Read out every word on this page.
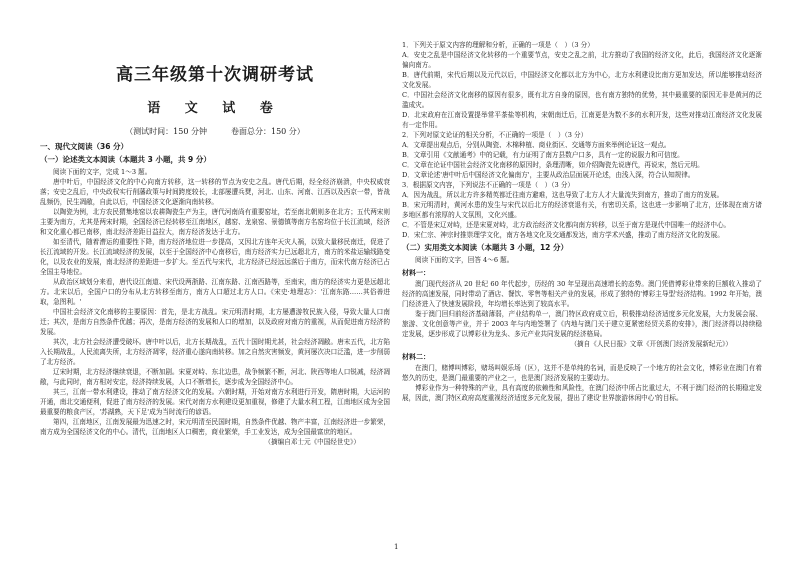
高三年级第十次调研考试
语 文 试 卷
（测试时间：150 分钟　　　卷面总分：150 分）
一、现代文阅读（36 分）
（一）论述类文本阅读（本题共 3 小题，共 9 分）

阅读下面的文字，完成 1～3 题。

唐中叶后，中国经济文化的中心向南方转移，这一转移的节点为安史之乱。唐代后期，经全经济崩溃，中央权威衰落；安史之乱后，中央政权实行削藩政策与时间跨度较长，北部屡遭兵燹，河北、山东、河南、江西以及西京一带，皆战乱频仍，民生凋敝，自此以后，中国经济文化逐渐向南转移。

以陶瓷为例，北方农民猬集地窑以农耕陶瓷生产为主，唐代河南尚有重要窑址，若至南北朝则多在北方；五代两宋则主要为南方，尤其是两宋时期，全国经济已经转移至江南地区，越窑、龙泉窑、景德镇等南方名窑均位于长江流域，经济和文化重心都已南移，南北经济差距日益拉大，南方经济发达于北方。

如至清代，随着漕运的重要性下降，南方经济地位进一步提高，又因北方连年天灾人祸，以致大量移民南迁，促进了长江流域的开发。长江流域经济的发展，以至于全国经济中心南移后，南方经济实力已远超北方，南方的米盐运输线路变化，以及农业的发展，南北经济的差距进一步扩大。至五代与宋代，北方经济已经远远落后于南方，而宋代南方经济已占全国主导地位。

从政治区域划分来看，唐代设江南道、宋代设两浙路、江南东路、江南西路等，至南宋，南方的经济实力更是远超北方。北宋以后，全国户口的分布从北方转移至南方，南方人口超过北方人口。《宋史·地理志》：'江南东路……其俗善进取，急图利。'

中国社会经济文化南移的主要原因：首先，是北方战乱。宋元明清时期，北方屡遭游牧民族入侵，导致大量人口南迁；其次，是南方自然条件优越；再次，是南方经济的发展和人口的增加，以及政府对南方的重视，从而促进南方经济的发展。

其次，北方社会经济遭受破坏。唐中叶以后，北方长期战乱，五代十国时期尤甚，社会经济凋敝。唐末五代，北方陷入长期战乱，人民流离失所，北方经济凋零，经济重心遂向南转移。加之自然灾害频发，黄河屡次决口泛滥，进一步削弱了北方经济。

辽宋时期，北方经济继续衰退，不断加剧。宋夏对峙、东北边患，战争频繁不断，河北、陕西等地人口锐减，经济凋敝，与此同时，南方相对安定，经济持续发展，人口不断增长，逐步成为全国经济中心。

其三，江南一带水利建设，推动了南方经济文化的发展。六朝时期，开始对南方水利进行开发，隋唐时期，大运河的开通，南北交通便利，促进了南方经济的发展。宋代对南方水利建设更加重视，修建了大量水利工程，江南地区成为全国最重要的粮食产区，'苏湖熟，天下足'成为当时流行的谚语。

第四，江南地区，江南发展最为迅速之时，宋元明清至民国时期，自然条件优越、物产丰富，江南经济进一步繁荣，南方成为全国经济文化的中心。清代，江南地区人口稠密，商业繁荣，手工业发达，成为全国最富庶的地区。

（摘编自邓士元《中国经世史》）
1．下列关于原文内容的理解和分析，正确的一项是（　）（3 分）
A．安史之乱是中国经济文化转移的一个重要节点，安史之乱之前，北方推动了我国的经济文化，此后，我国经济文化逐渐偏向南方。
B．唐代前期，宋代后期以及元代以后，中国经济文化都以北方为中心，北方水利建设比南方更加发达，所以能够推动经济文化发展。
C．中国社会经济文化南移的原因有很多，既有北方自身的原因，也有南方独特的优势，其中最重要的原因无非是黄河的泛滥成灾。
D．北宋政府在江南设置提举常平茶盐等机构，宋朝南迁后，江南更是为数不多的水利开发，这些对推动江南经济文化发展有一定作用。
2．下列对原文论证的相关分析，不正确的一项是（　）（3 分）
A．文章提出观点后，分别从陶瓷、木棉种植、商业街区、交通等方面来举例论证这一观点。
B．文章引用《文献通考》中的记载，有力证明了南方县数户口多，具有一定的说服力和可信度。
C．文章在论证中国社会经济文化南移的原因时，条理清晰，如介绍陶瓷先说唐代，再说宋，然后元明。
D．文章论述'唐中叶后中国经济文化偏南方'，主要从政治层面展开论述，由浅入深，符合认知规律。
3．根据原文内容，下列说法不正确的一项是（　）（3 分）
A．因为战乱，所以北方许多精英都迁往南方避难，这也导致了北方人才大量流失到南方，推动了南方的发展。
B．宋元明清时，黄河水患的发生与宋代以后北方的经济衰退有关，有密切关系，这也进一步影响了北方，还体现在南方诸多地区都有浓厚的人文氛围，文化兴盛。
C．不管是宋辽对峙，还是宋夏对峙，北方政治经济文化都向南方转移，以至于南方是现代中国唯一的经济中心。
D．宋仁宗、神宗时推崇理学文化，南方各地文化及交通都发达，南方学术兴盛，推动了南方经济文化的发展。
（二）实用类文本阅读（本题共 3 小题，12 分）

阅读下面的文字，回答 4～6 题。

材料一：

澳门现代经济从 20 世纪 60 年代起步，历经的 30 年呈现出高速增长的态势。澳门凭借博彩业带来的巨额收入推动了经济的高速发展，同时带动了酒店、餐饮、零售等相关产业的发展，形成了独特的'博彩主导型'经济结构。1992 年开始，澳门经济进入了快速发展阶段，年均增长率达到了较高水平。

鉴于澳门回归前经济基础薄弱，产业结构单一，澳门特区政府成立后，积极推动经济适度多元化发展，大力发展会展、旅游、文化创意等产业，并于 2003 年与内地签署了《内地与澳门关于建立更紧密经贸关系的安排》，澳门经济得以持续稳定发展，逐步形成了以博彩业为龙头、多元产业共同发展的经济格局。

（摘自《人民日报》文章《开创澳门经济发展新纪元》）
材料二：

在澳门，赌博叫博彩，赌场叫娱乐场（区），这并不是单纯的名词，而是反映了一个地方的社会文化，博彩业在澳门有着悠久的历史，是澳门最重要的产业之一，也是澳门经济发展的主要动力。

博彩业作为一种特殊的产业，具有高度的依赖性和风险性，在澳门经济中所占比重过大，不利于澳门经济的长期稳定发展，因此，澳门特区政府高度重视经济适度多元化发展，提出了建设'世界旅游休闲中心'的目标。

1
